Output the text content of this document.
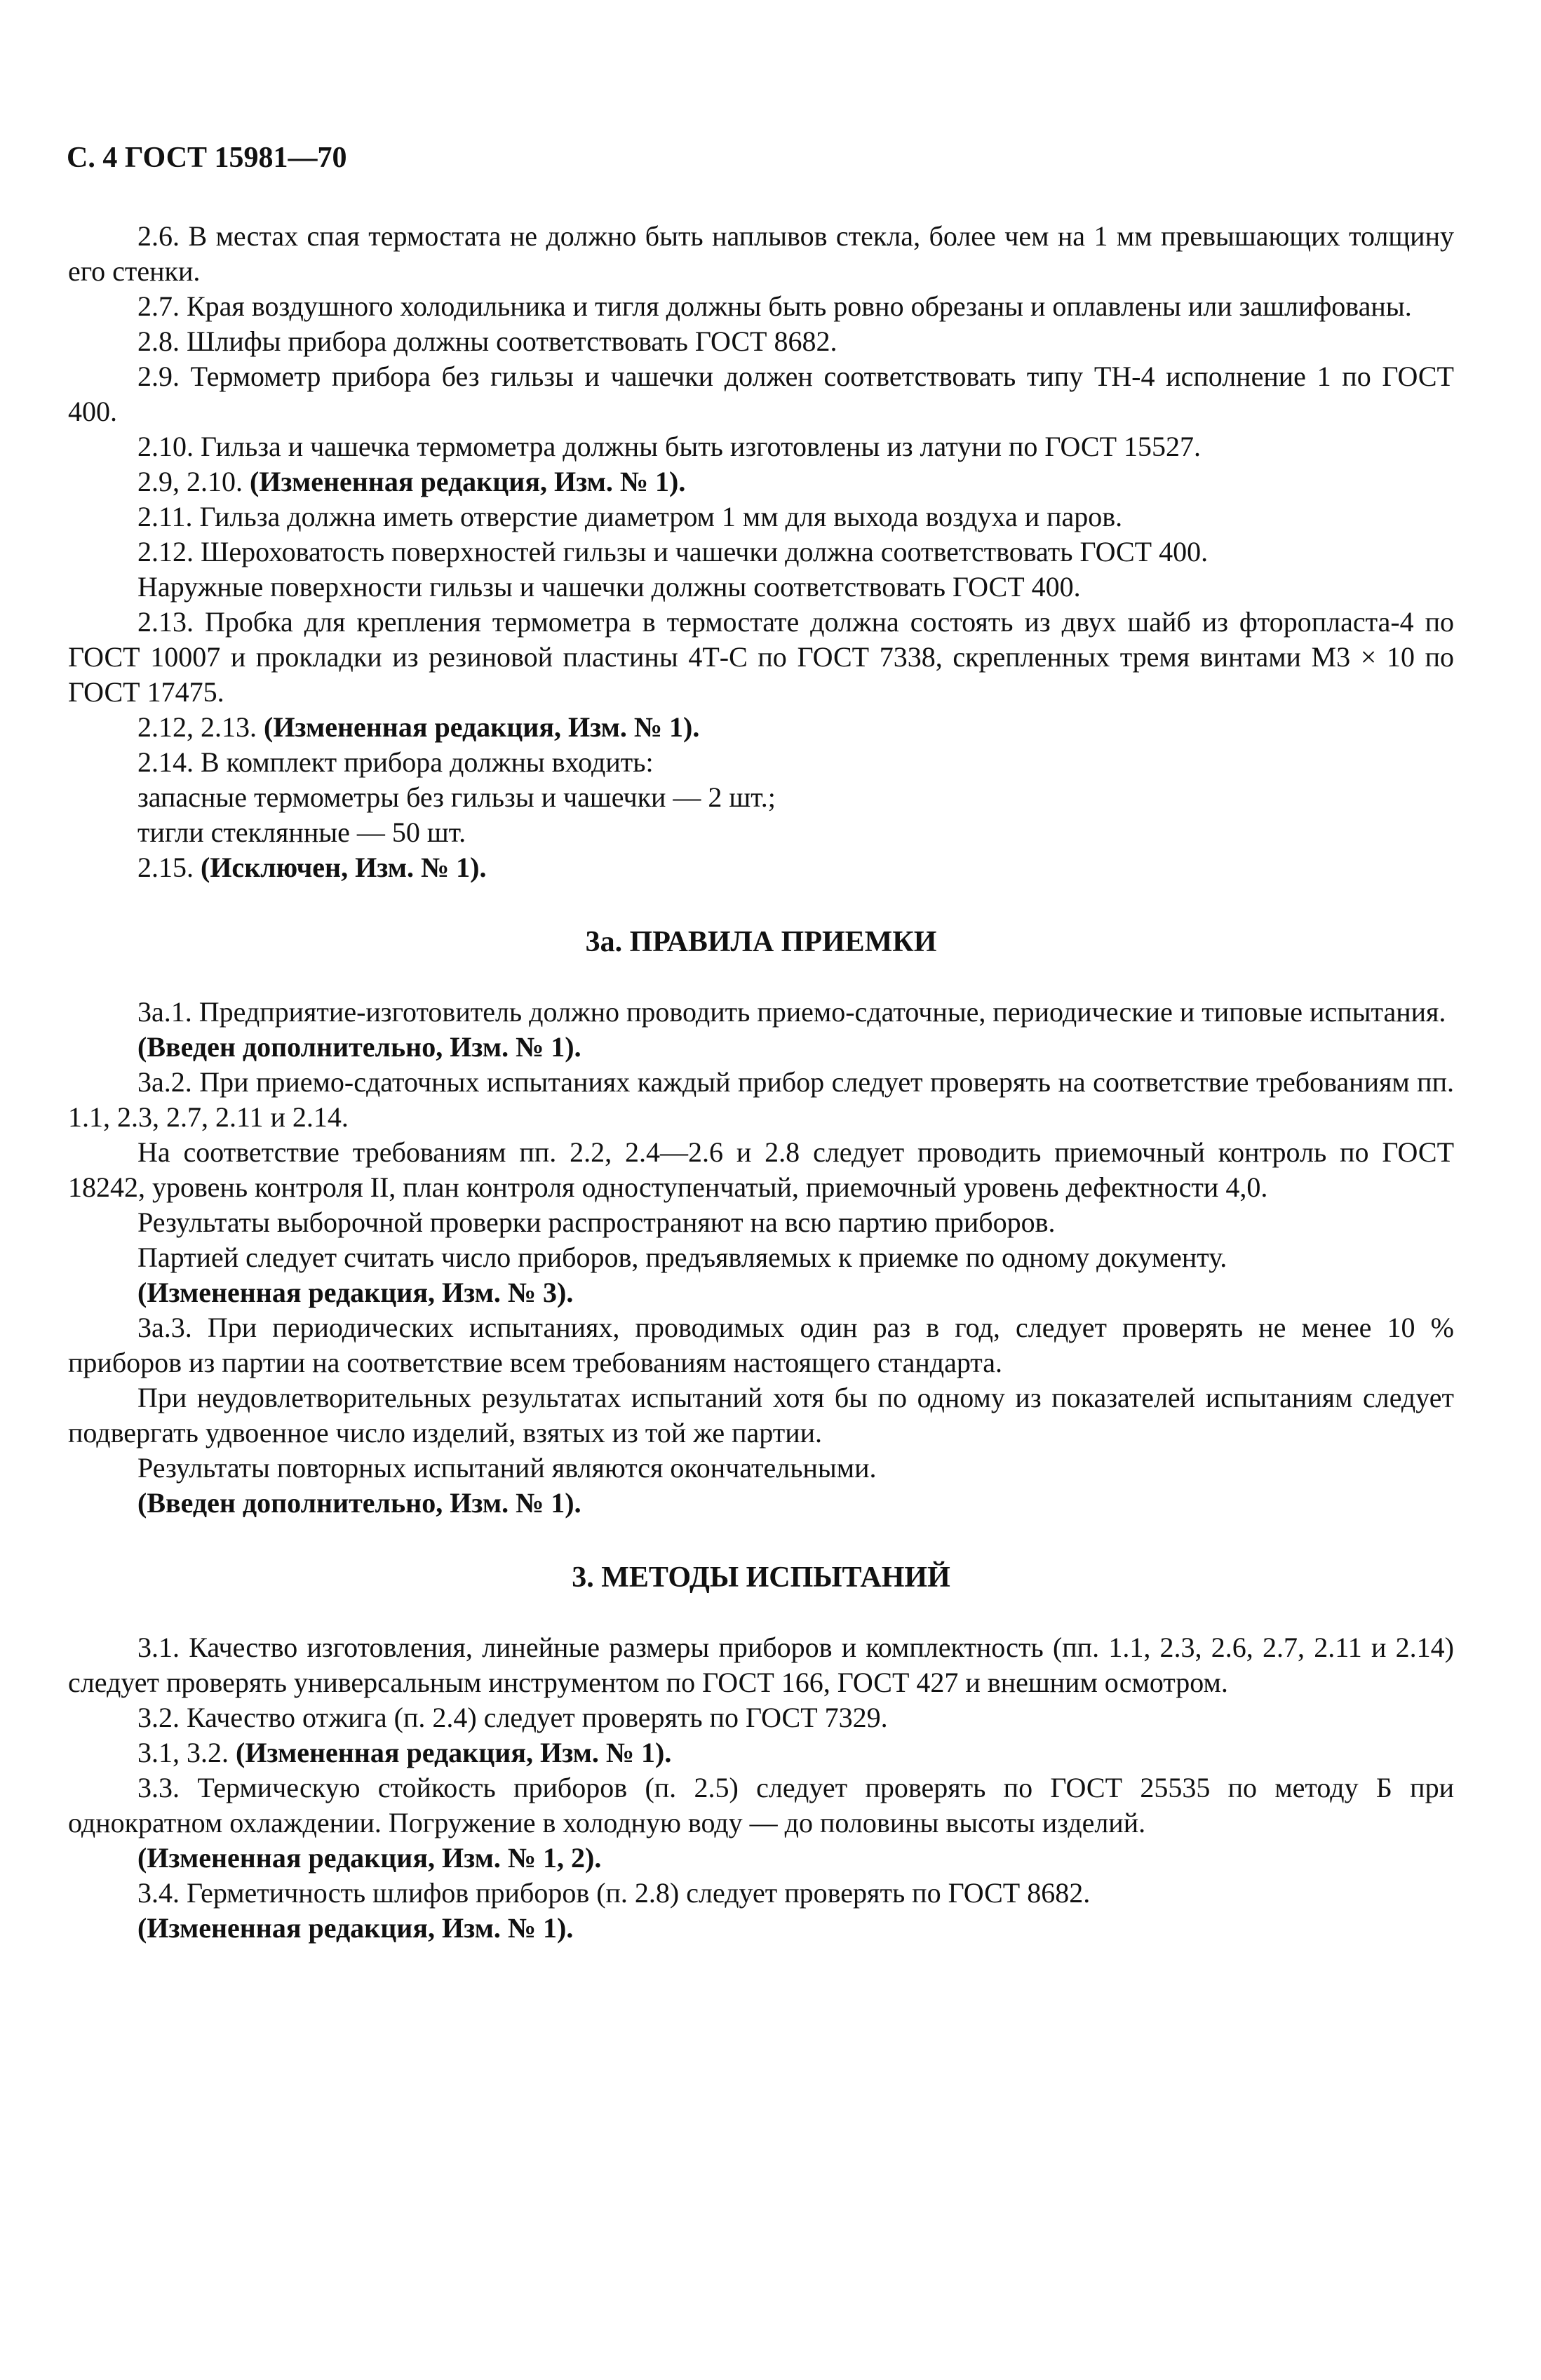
С. 4 ГОСТ 15981—70

2.6. В местах спая термостата не должно быть наплывов стекла, более чем на 1 мм превышающих толщину его стенки.

2.7. Края воздушного холодильника и тигля должны быть ровно обрезаны и оплавлены или зашлифованы.

2.8. Шлифы прибора должны соответствовать ГОСТ 8682.

2.9. Термометр прибора без гильзы и чашечки должен соответствовать типу ТН-4 исполнение 1 по ГОСТ 400.

2.10. Гильза и чашечка термометра должны быть изготовлены из латуни по ГОСТ 15527.

2.9, 2.10. (Измененная редакция, Изм. № 1).

2.11. Гильза должна иметь отверстие диаметром 1 мм для выхода воздуха и паров.

2.12. Шероховатость поверхностей гильзы и чашечки должна соответствовать ГОСТ 400.

Наружные поверхности гильзы и чашечки должны соответствовать ГОСТ 400.

2.13. Пробка для крепления термометра в термостате должна состоять из двух шайб из фторопласта-4 по ГОСТ 10007 и прокладки из резиновой пластины 4Т-С по ГОСТ 7338, скрепленных тремя винтами М3 × 10 по ГОСТ 17475.

2.12, 2.13. (Измененная редакция, Изм. № 1).

2.14. В комплект прибора должны входить:

запасные термометры без гильзы и чашечки — 2 шт.;

тигли стеклянные — 50 шт.

2.15. (Исключен, Изм. № 1).

3а. ПРАВИЛА ПРИЕМКИ

3а.1. Предприятие-изготовитель должно проводить приемо-сдаточные, периодические и типовые испытания.

(Введен дополнительно, Изм. № 1).

3а.2. При приемо-сдаточных испытаниях каждый прибор следует проверять на соответствие требованиям пп. 1.1, 2.3, 2.7, 2.11 и 2.14.

На соответствие требованиям пп. 2.2, 2.4—2.6 и 2.8 следует проводить приемочный контроль по ГОСТ 18242, уровень контроля II, план контроля одноступенчатый, приемочный уровень дефектности 4,0.

Результаты выборочной проверки распространяют на всю партию приборов.

Партией следует считать число приборов, предъявляемых к приемке по одному документу.

(Измененная редакция, Изм. № 3).

3а.3. При периодических испытаниях, проводимых один раз в год, следует проверять не менее 10 % приборов из партии на соответствие всем требованиям настоящего стандарта.

При неудовлетворительных результатах испытаний хотя бы по одному из показателей испытаниям следует подвергать удвоенное число изделий, взятых из той же партии.

Результаты повторных испытаний являются окончательными.

(Введен дополнительно, Изм. № 1).

3. МЕТОДЫ ИСПЫТАНИЙ

3.1. Качество изготовления, линейные размеры приборов и комплектность (пп. 1.1, 2.3, 2.6, 2.7, 2.11 и 2.14) следует проверять универсальным инструментом по ГОСТ 166, ГОСТ 427 и внешним осмотром.

3.2. Качество отжига (п. 2.4) следует проверять по ГОСТ 7329.

3.1, 3.2. (Измененная редакция, Изм. № 1).

3.3. Термическую стойкость приборов (п. 2.5) следует проверять по ГОСТ 25535 по методу Б при однократном охлаждении. Погружение в холодную воду — до половины высоты изделий.

(Измененная редакция, Изм. № 1, 2).

3.4. Герметичность шлифов приборов (п. 2.8) следует проверять по ГОСТ 8682.

(Измененная редакция, Изм. № 1).
